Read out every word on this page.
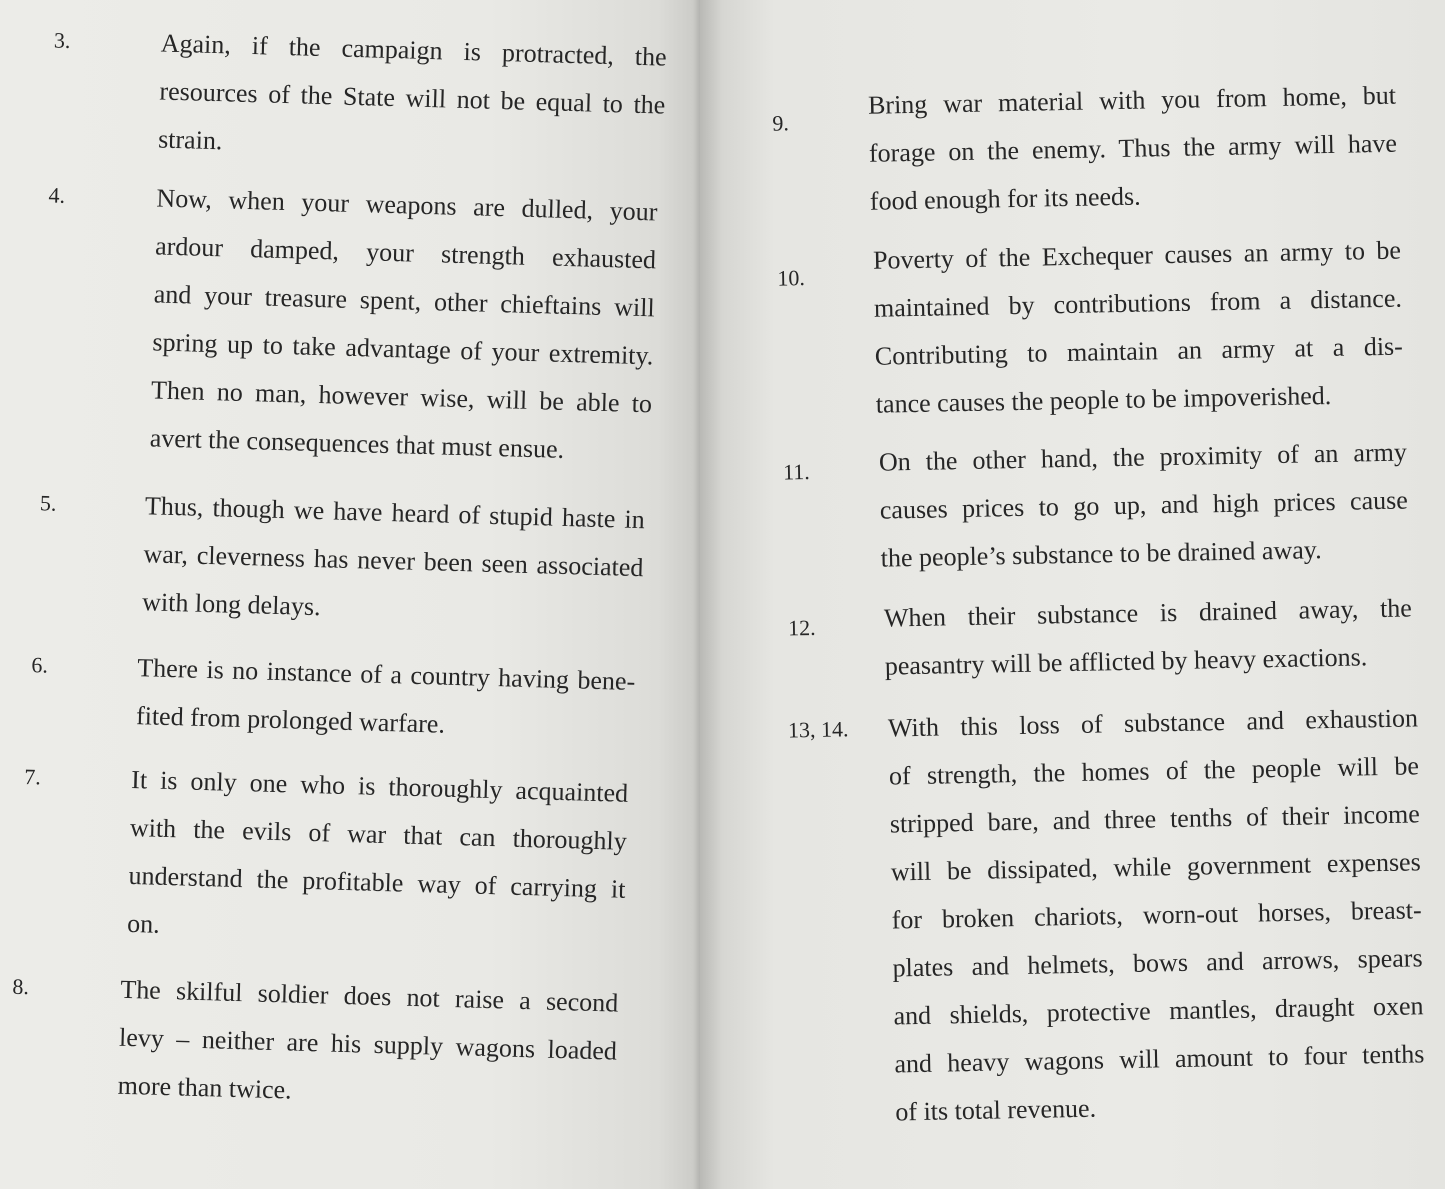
3.	Again, if the campaign is protracted, the
resources of the State will not be equal to the
strain.
4.	Now, when your weapons are dulled, your
ardour damped, your strength exhausted
and your treasure spent, other chieftains will
spring up to take advantage of your extremity.
Then no man, however wise, will be able to
avert the consequences that must ensue.
5.	Thus, though we have heard of stupid haste in
war, cleverness has never been seen associated
with long delays.
6.	There is no instance of a country having bene-
fited from prolonged warfare.
7.	It is only one who is thoroughly acquainted
with the evils of war that can thoroughly
understand the profitable way of carrying it
on.
8.	The skilful soldier does not raise a second
levy – neither are his supply wagons loaded
more than twice.
9.
Bring war material with you from home, but
forage on the enemy. Thus the army will have
food enough for its needs.
10.
Poverty of the Exchequer causes an army to be
maintained by contributions from a distance.
Contributing to maintain an army at a dis-
tance causes the people to be impoverished.
11.	On the other hand, the proximity of an army
causes prices to go up, and high prices cause
the people’s substance to be drained away.
12.	When their substance is drained away, the
peasantry will be afflicted by heavy exactions.
13, 14. With this loss of substance and exhaustion
of strength, the homes of the people will be
stripped bare, and three tenths of their income
will be dissipated, while government expenses
for broken chariots, worn-out horses, breast-
plates and helmets, bows and arrows, spears
and shields, protective mantles, draught oxen
and heavy wagons will amount to four tenths
of its total revenue.
